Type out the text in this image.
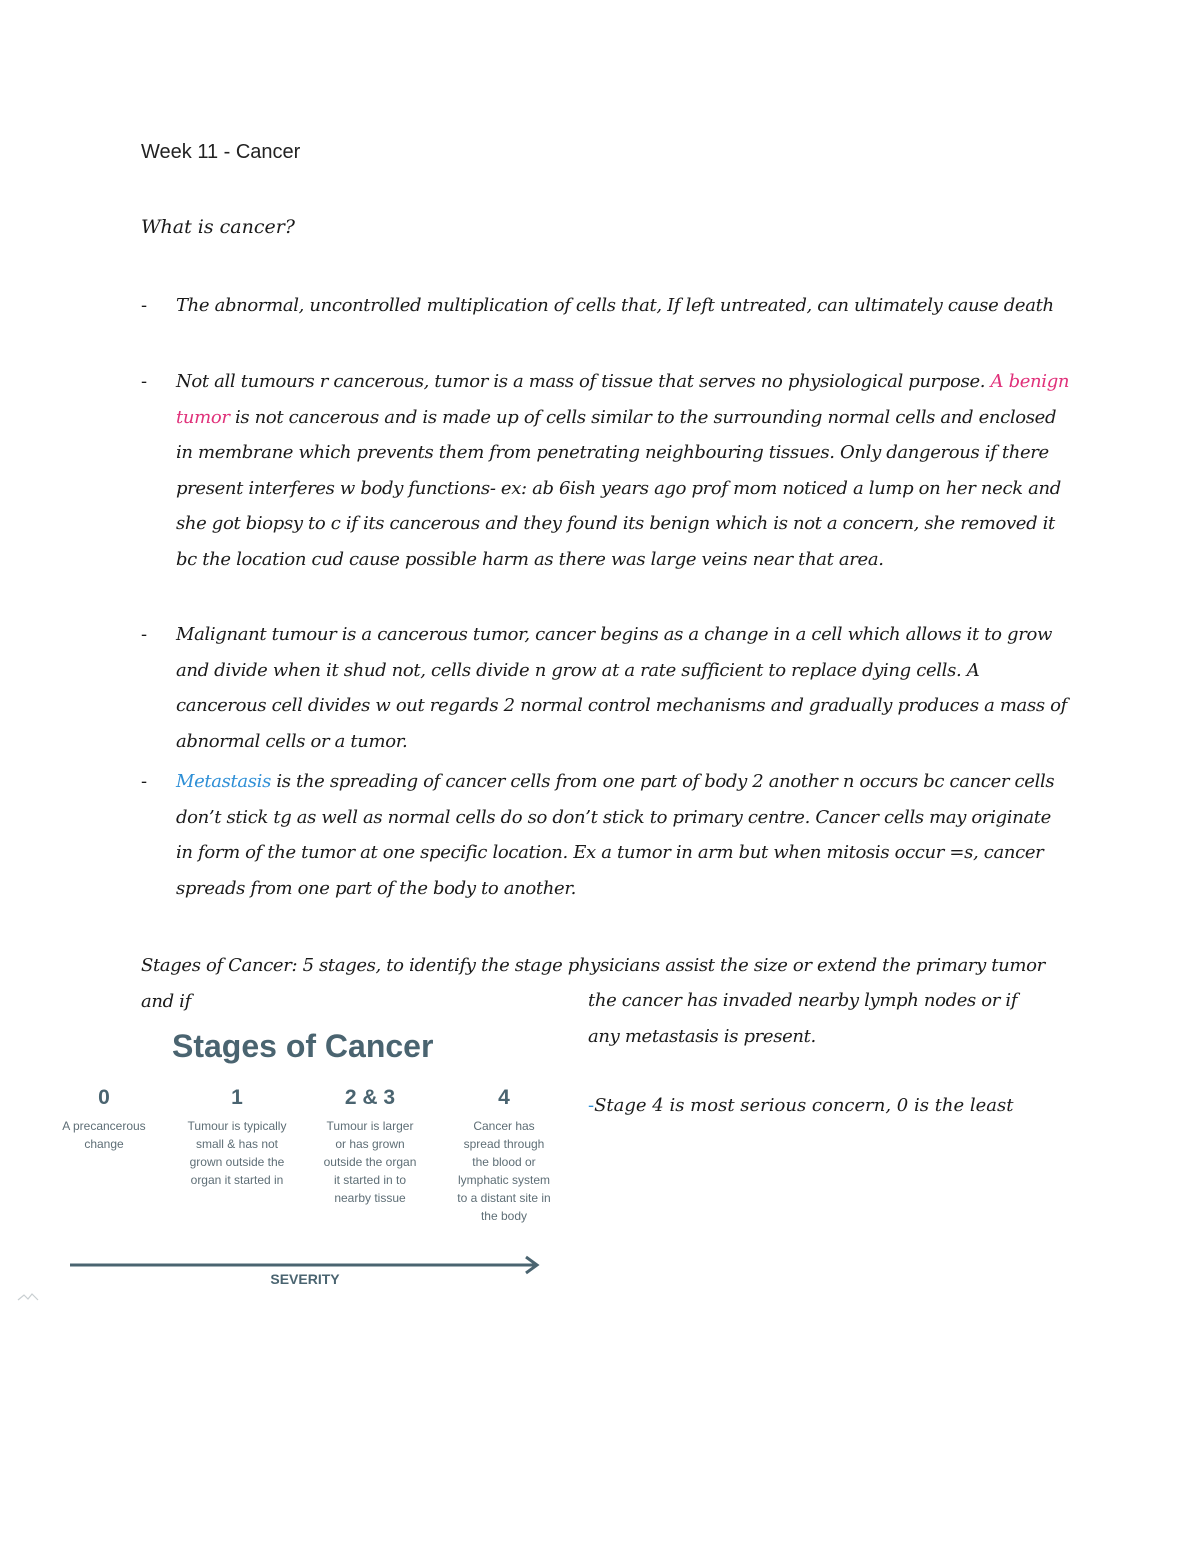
Week 11 - Cancer
What is cancer?
- The abnormal, uncontrolled multiplication of cells that, If left untreated, can ultimately cause death
- Not all tumours r cancerous, tumor is a mass of tissue that serves no physiological purpose. A benign tumor is not cancerous and is made up of cells similar to the surrounding normal cells and enclosed in membrane which prevents them from penetrating neighbouring tissues. Only dangerous if there present interferes w body functions- ex: ab 6ish years ago prof mom noticed a lump on her neck and she got biopsy to c if its cancerous and they found its benign which is not a concern, she removed it bc the location cud cause possible harm as there was large veins near that area.
- Malignant tumour is a cancerous tumor, cancer begins as a change in a cell which allows it to grow and divide when it shud not, cells divide n grow at a rate sufficient to replace dying cells. A cancerous cell divides w out regards 2 normal control mechanisms and gradually produces a mass of abnormal cells or a tumor.
- Metastasis is the spreading of cancer cells from one part of body 2 another n occurs bc cancer cells don’t stick tg as well as normal cells do so don’t stick to primary centre. Cancer cells may originate in form of the tumor at one specific location. Ex a tumor in arm but when mitosis occur =s, cancer spreads from one part of the body to another.
Stages of Cancer: 5 stages, to identify the stage physicians assist the size or extend the primary tumor and if	the cancer has invaded nearby lymph nodes or if any metastasis is present.
-Stage 4 is most serious concern, 0 is the least
Stages of Cancer
0
A precancerous change
1
Tumour is typically small & has not grown outside the organ it started in
2 & 3
Tumour is larger or has grown outside the organ it started in to nearby tissue
4
Cancer has spread through the blood or lymphatic system to a distant site in the body
SEVERITY
